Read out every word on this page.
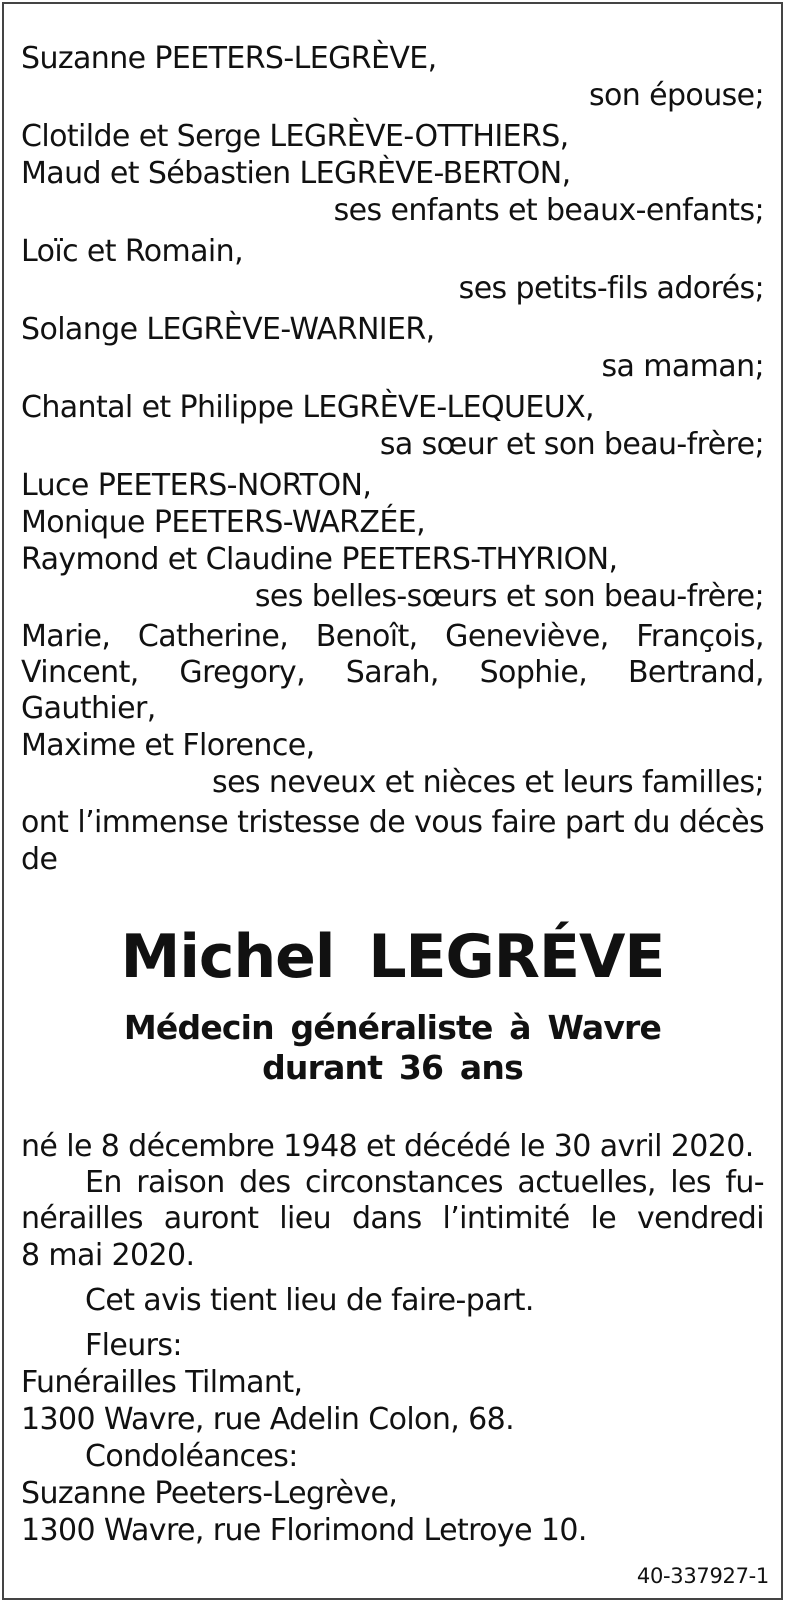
Suzanne PEETERS-LEGRÈVE,
son épouse;
Clotilde et Serge LEGRÈVE-OTTHIERS,
Maud et Sébastien LEGRÈVE-BERTON,
ses enfants et beaux-enfants;
Loïc et Romain,
ses petits-fils adorés;
Solange LEGRÈVE-WARNIER,
sa maman;
Chantal et Philippe LEGRÈVE-LEQUEUX,
sa sœur et son beau-frère;
Luce PEETERS-NORTON,
Monique PEETERS-WARZÉE,
Raymond et Claudine PEETERS-THYRION,
ses belles-sœurs et son beau-frère;
Marie, Catherine, Benoît, Geneviève, François,
Vincent, Gregory, Sarah, Sophie, Bertrand, Gauthier,
Maxime et Florence,
ses neveux et nièces et leurs familles;
ont l’immense tristesse de vous faire part du décès
de
Michel LEGRÉVE
Médecin généraliste à Wavre
durant 36 ans
né le 8 décembre 1948 et décédé le 30 avril 2020.
En raison des circonstances actuelles, les fu-
nérailles auront lieu dans l’intimité le vendredi
8 mai 2020.
Cet avis tient lieu de faire-part.
Fleurs:
Funérailles Tilmant,
1300 Wavre, rue Adelin Colon, 68.
Condoléances:
Suzanne Peeters-Legrève,
1300 Wavre, rue Florimond Letroye 10.
40-337927-1
